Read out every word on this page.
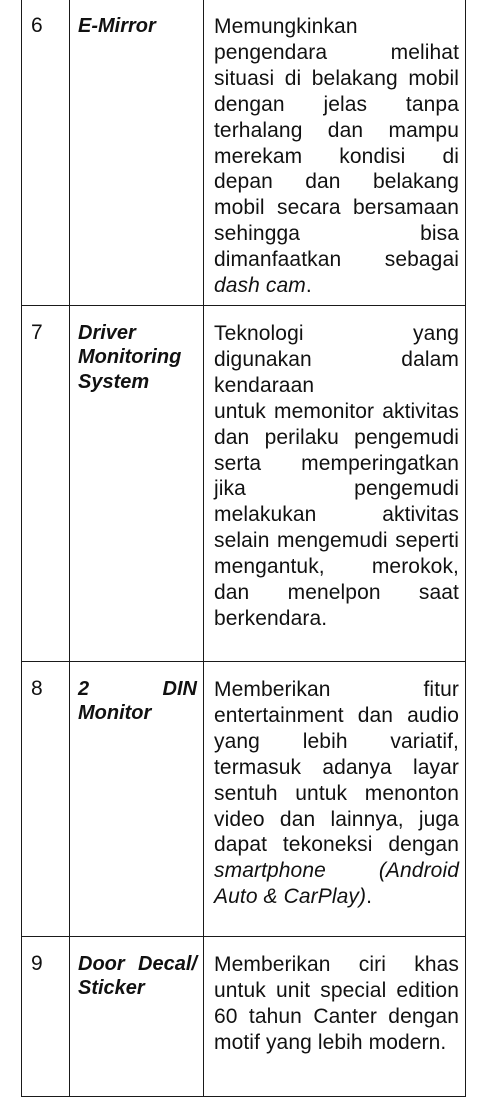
6	E-Mirror	Memungkinkan pengendara melihat situasi di belakang mobil dengan jelas tanpa terhalang dan mampu merekam kondisi di depan dan belakang mobil secara bersamaan sehingga bisa dimanfaatkan sebagai dash cam.
7	Driver Monitoring System	Teknologi yang digunakan dalam kendaraan
untuk memonitor aktivitas dan perilaku pengemudi serta memperingatkan jika pengemudi melakukan aktivitas selain mengemudi seperti mengantuk, merokok, dan menelpon saat berkendara.

8	2 DIN Monitor	Memberikan fitur entertainment dan audio yang lebih variatif, termasuk adanya layar sentuh untuk menonton video dan lainnya, juga dapat tekoneksi dengan smartphone (Android Auto & CarPlay).
9	Door Decal/ Sticker	Memberikan ciri khas untuk unit special edition 60 tahun Canter dengan motif yang lebih modern.
